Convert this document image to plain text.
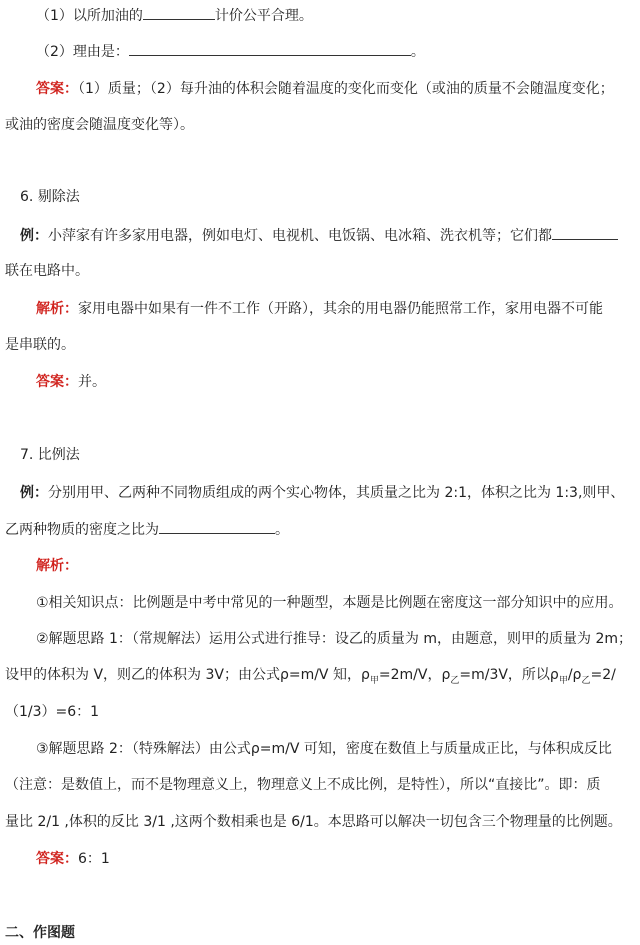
（1）以所加油的	计价公平合理。
（2）理由是：	。
答案：（1）质量；（2）每升油的体积会随着温度的变化而变化（或油的质量不会随温度变化；
或油的密度会随温度变化等）。
6. 剔除法
例：小萍家有许多家用电器，例如电灯、电视机、电饭锅、电冰箱、洗衣机等；它们都
联在电路中。
解析：家用电器中如果有一件不工作（开路），其余的用电器仍能照常工作，家用电器不可能
是串联的。
答案：并。
7. 比例法
例：分别用甲、乙两种不同物质组成的两个实心物体，其质量之比为 2:1，体积之比为 1:3,则甲、
乙两种物质的密度之比为	。
解析：
①相关知识点：比例题是中考中常见的一种题型，本题是比例题在密度这一部分知识中的应用。
②解题思路 1：（常规解法）运用公式进行推导：设乙的质量为 m，由题意，则甲的质量为 2m；
设甲的体积为 V，则乙的体积为 3V；由公式ρ=m/V 知，$\rho_甲=2m/V$，$\rho_乙=m/3V$，所以$\rho_甲/\rho_乙=2/$
（1/3）=6：1
③解题思路 2：（特殊解法）由公式ρ=m/V 可知，密度在数值上与质量成正比，与体积成反比
（注意：是数值上，而不是物理意义上，物理意义上不成比例，是特性），所以“直接比”。即：质
量比 2/1 ,体积的反比 3/1 ,这两个数相乘也是 6/1。本思路可以解决一切包含三个物理量的比例题。
答案：6：1
二、作图题
